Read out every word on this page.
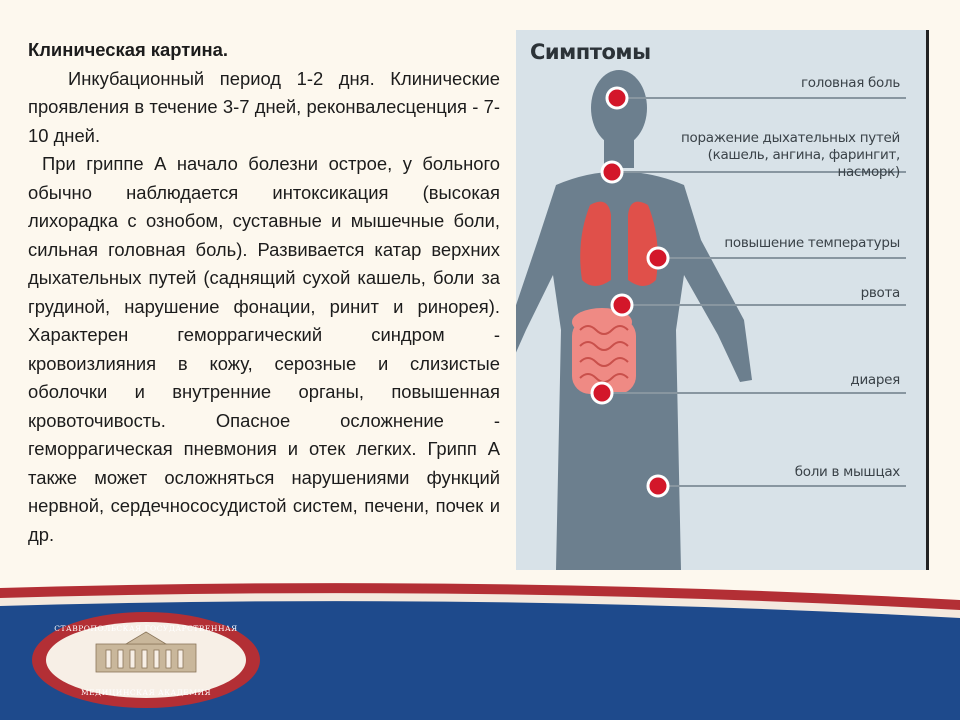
Клиническая картина.

Инкубационный период 1-2 дня. Клинические проявления в течение 3-7 дней, реконвалесценция - 7-10 дней.

При гриппе А начало болезни острое, у больного обычно наблюдается интоксикация (высокая лихорадка с ознобом, суставные и мышечные боли, сильная головная боль). Развивается катар верхних дыхательных путей (саднящий сухой кашель, боли за грудиной, нарушение фонации, ринит и ринорея). Характерен геморрагический синдром - кровоизлияния в кожу, серозные и слизистые оболочки и внутренние органы, повышенная кровоточивость. Опасное осложнение - геморрагическая пневмония и отек легких. Грипп А также может осложняться нарушениями функций нервной, сердечнососудистой систем, печени, почек и др.

Симптомы
головная боль
поражение дыхательных путей (кашель, ангина, фарингит, насморк)
повышение температуры
рвота
диарея
боли в мышцах
СТАВРОПОЛЬСКАЯ ГОСУДАРСТВЕННАЯ
МЕДИЦИНСКАЯ АКАДЕМИЯ
